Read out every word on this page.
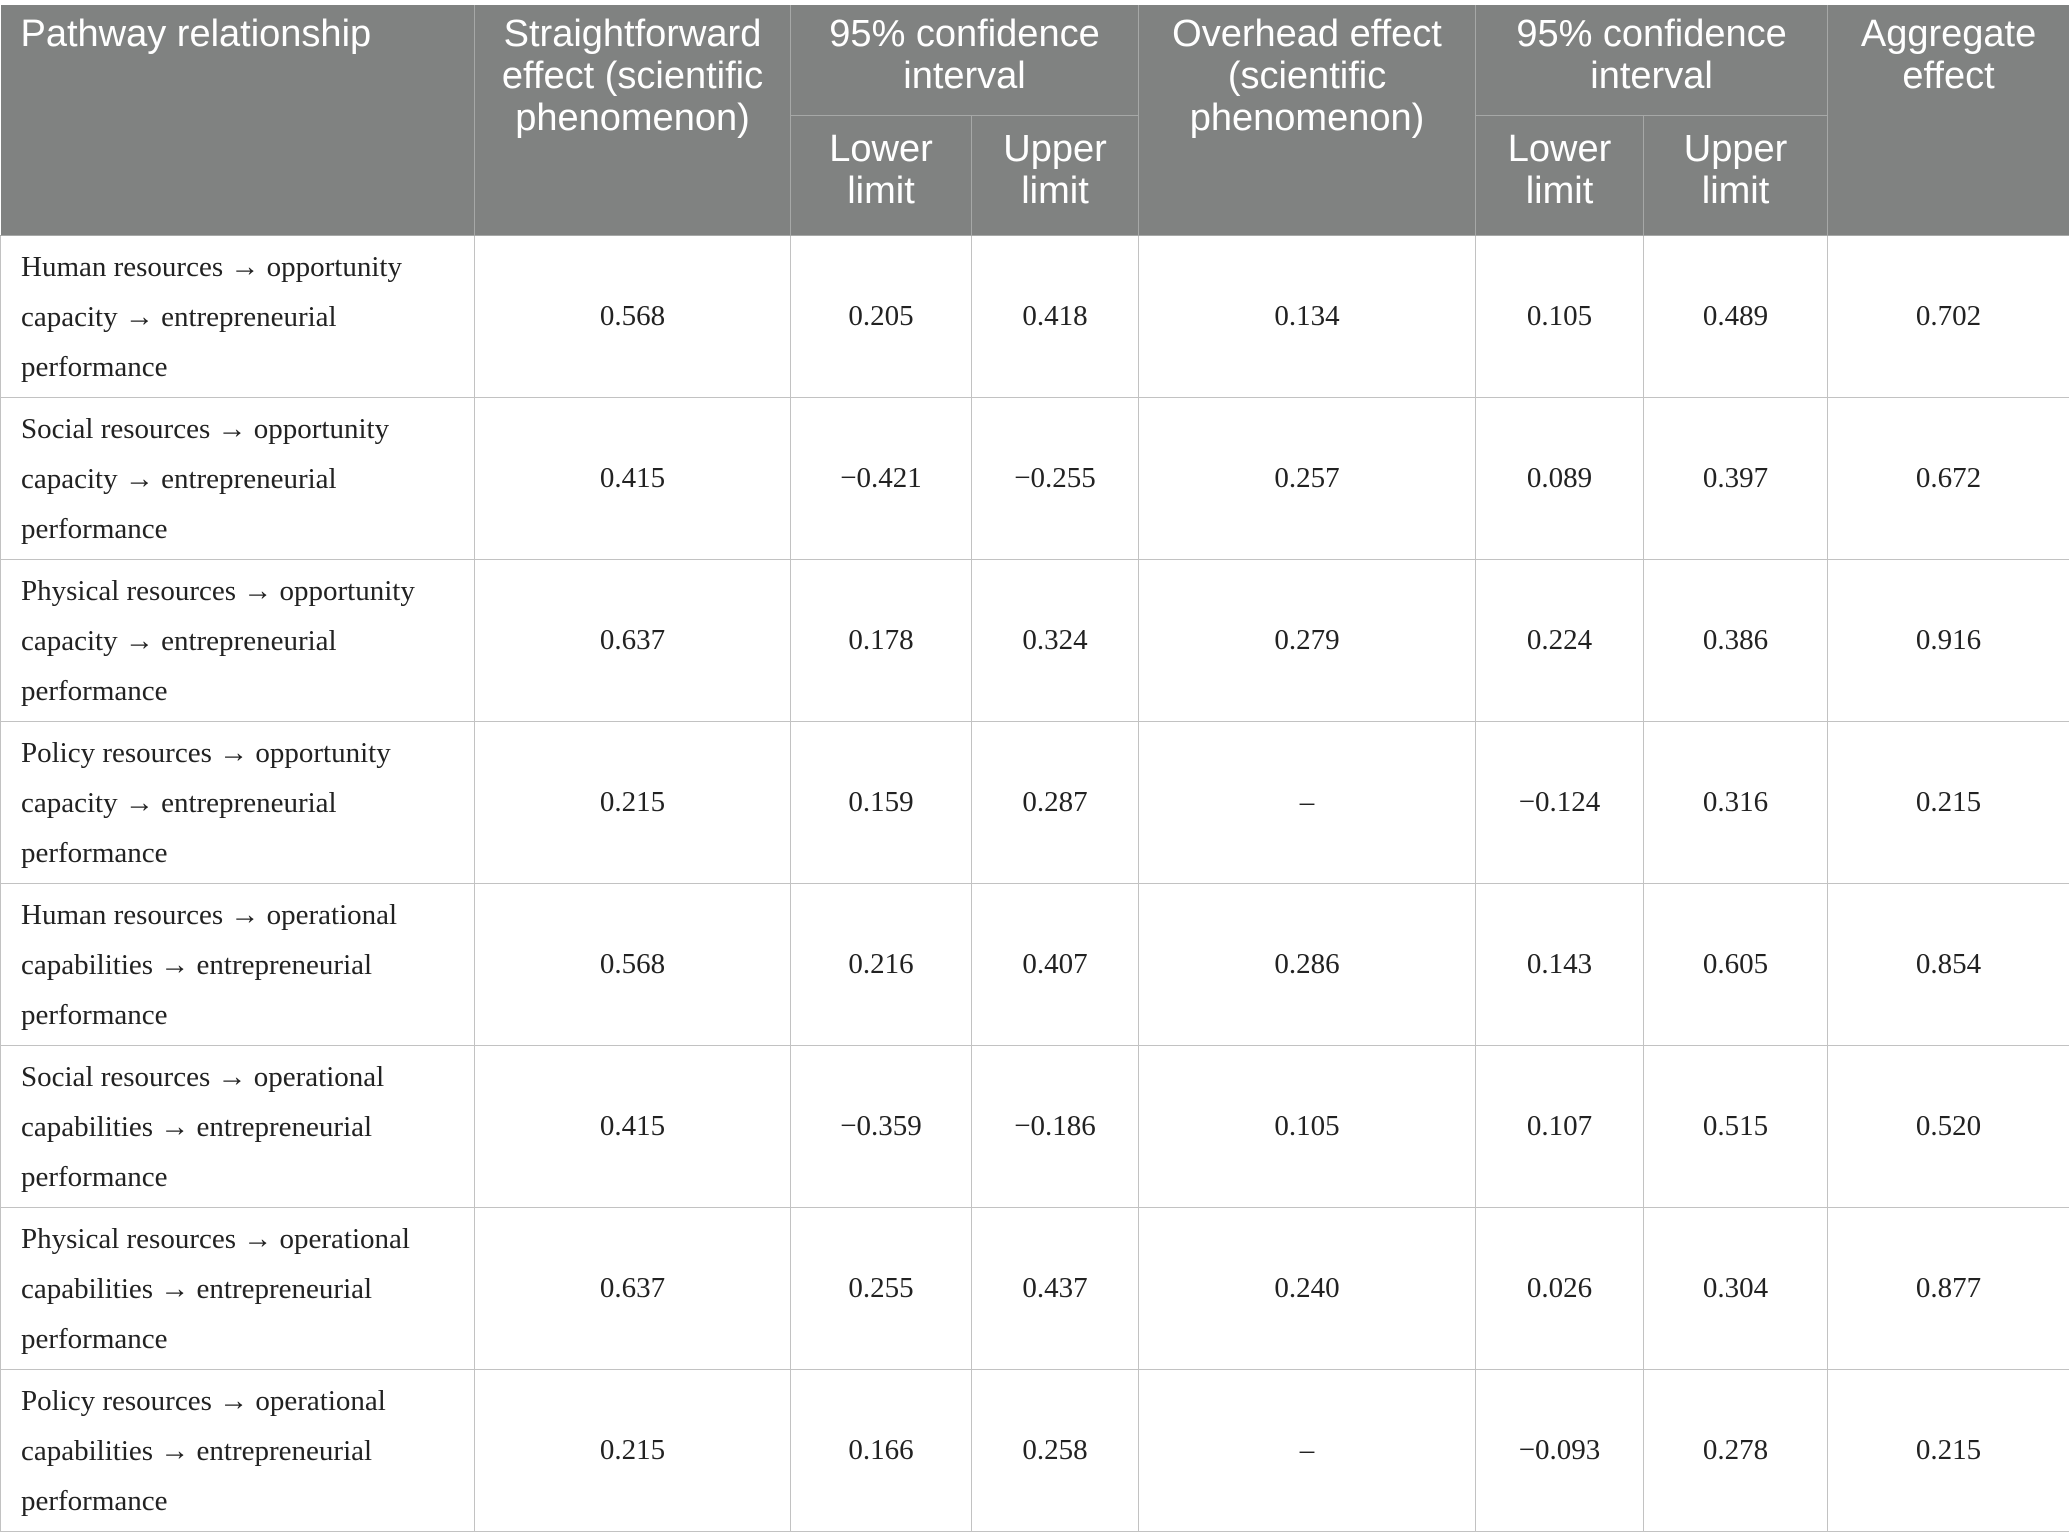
Pathway relationship	Straightforward effect (scientific phenomenon)	95% confidence interval		Overhead effect (scientific phenomenon)	95% confidence interval		Aggregate effect
		Lower limit	Upper limit		Lower limit	Upper limit	
Human resources → opportunity capacity → entrepreneurial performance	0.568	0.205	0.418	0.134	0.105	0.489	0.702
Social resources → opportunity capacity → entrepreneurial performance	0.415	−0.421	−0.255	0.257	0.089	0.397	0.672
Physical resources → opportunity capacity → entrepreneurial performance	0.637	0.178	0.324	0.279	0.224	0.386	0.916
Policy resources → opportunity capacity → entrepreneurial performance	0.215	0.159	0.287	–	−0.124	0.316	0.215
Human resources → operational capabilities → entrepreneurial performance	0.568	0.216	0.407	0.286	0.143	0.605	0.854
Social resources → operational capabilities → entrepreneurial performance	0.415	−0.359	−0.186	0.105	0.107	0.515	0.520
Physical resources → operational capabilities → entrepreneurial performance	0.637	0.255	0.437	0.240	0.026	0.304	0.877
Policy resources → operational capabilities → entrepreneurial performance	0.215	0.166	0.258	–	−0.093	0.278	0.215
